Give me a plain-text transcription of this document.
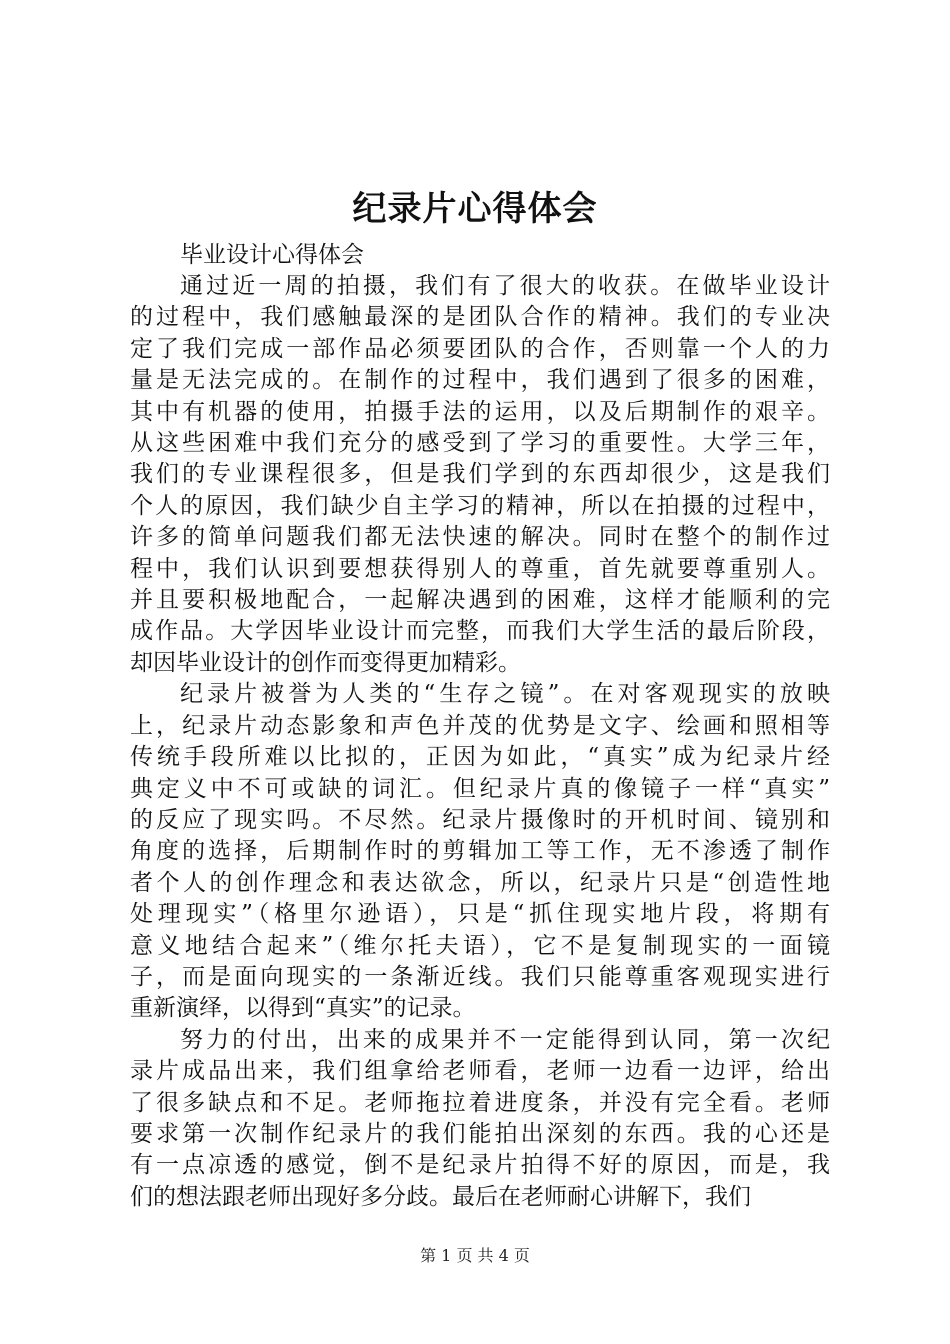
纪录片心得体会

毕业设计心得体会

通过近一周的拍摄，我们有了很大的收获。在做毕业设计
的过程中，我们感触最深的是团队合作的精神。我们的专业决
定了我们完成一部作品必须要团队的合作，否则靠一个人的力
量是无法完成的。在制作的过程中，我们遇到了很多的困难，
其中有机器的使用，拍摄手法的运用，以及后期制作的艰辛。
从这些困难中我们充分的感受到了学习的重要性。大学三年，
我们的专业课程很多，但是我们学到的东西却很少，这是我们
个人的原因，我们缺少自主学习的精神，所以在拍摄的过程中，
许多的简单问题我们都无法快速的解决。同时在整个的制作过
程中，我们认识到要想获得别人的尊重，首先就要尊重别人。
并且要积极地配合，一起解决遇到的困难，这样才能顺利的完
成作品。大学因毕业设计而完整，而我们大学生活的最后阶段，
却因毕业设计的创作而变得更加精彩。
纪录片被誉为人类的“生存之镜”。在对客观现实的放映
上，纪录片动态影象和声色并茂的优势是文字、绘画和照相等
传统手段所难以比拟的，正因为如此，“真实”成为纪录片经
典定义中不可或缺的词汇。但纪录片真的像镜子一样“真实”
的反应了现实吗。不尽然。纪录片摄像时的开机时间、镜别和
角度的选择，后期制作时的剪辑加工等工作，无不渗透了制作
者个人的创作理念和表达欲念，所以，纪录片只是“创造性地
处理现实”（格里尔逊语），只是“抓住现实地片段，将期有
意义地结合起来”（维尔托夫语），它不是复制现实的一面镜
子，而是面向现实的一条渐近线。我们只能尊重客观现实进行
重新演绎，以得到“真实”的记录。
努力的付出，出来的成果并不一定能得到认同，第一次纪
录片成品出来，我们组拿给老师看，老师一边看一边评，给出
了很多缺点和不足。老师拖拉着进度条，并没有完全看。老师
要求第一次制作纪录片的我们能拍出深刻的东西。我的心还是
有一点凉透的感觉，倒不是纪录片拍得不好的原因，而是，我
们的想法跟老师出现好多分歧。最后在老师耐心讲解下，我们
第 1 页 共 4 页
